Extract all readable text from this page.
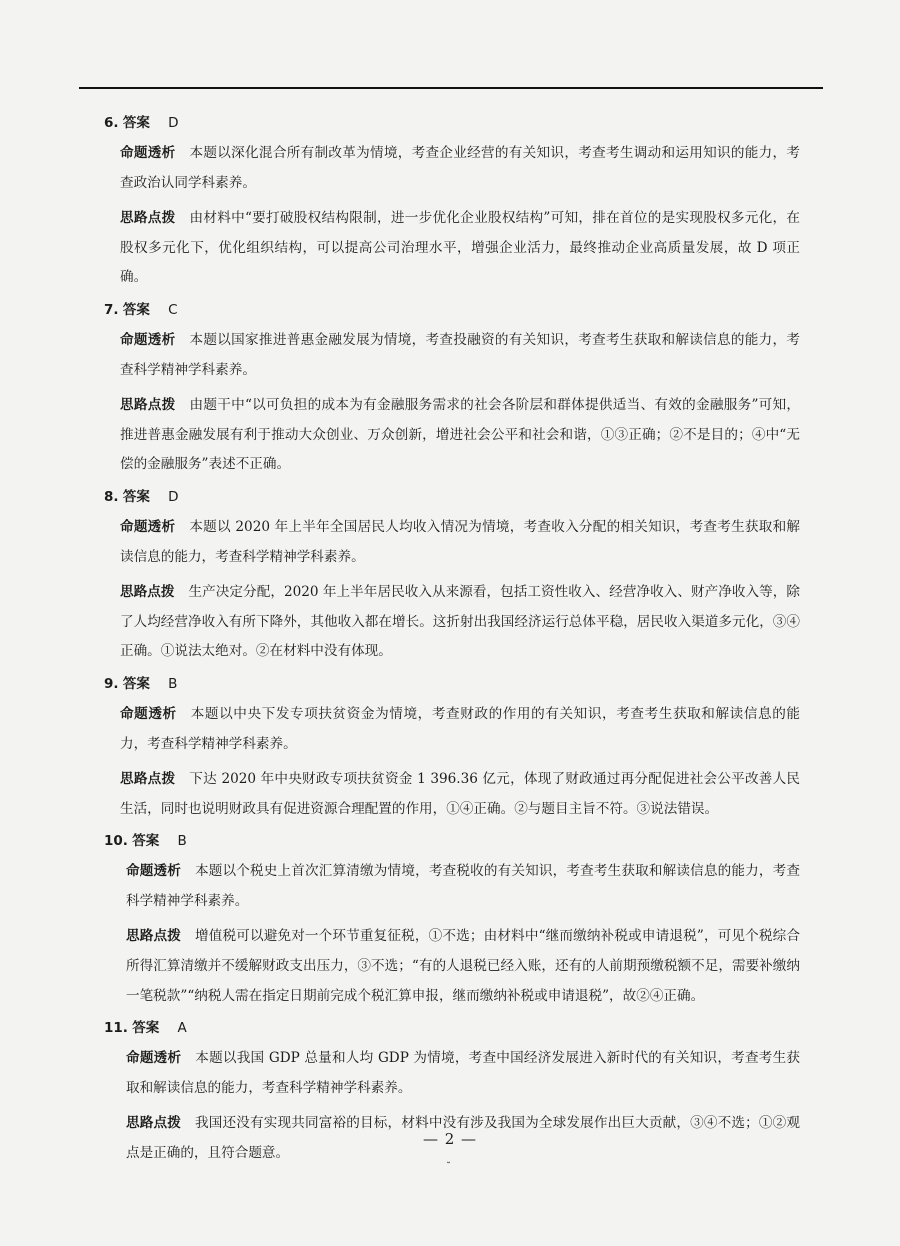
6. 答案 D

命题透析 本题以深化混合所有制改革为情境，考查企业经营的有关知识，考查考生调动和运用知识的能力，考查政治认同学科素养。

思路点拨 由材料中“要打破股权结构限制，进一步优化企业股权结构”可知，排在首位的是实现股权多元化，在股权多元化下，优化组织结构，可以提高公司治理水平，增强企业活力，最终推动企业高质量发展，故 D 项正确。

7. 答案 C

命题透析 本题以国家推进普惠金融发展为情境，考查投融资的有关知识，考查考生获取和解读信息的能力，考查科学精神学科素养。

思路点拨 由题干中“以可负担的成本为有金融服务需求的社会各阶层和群体提供适当、有效的金融服务”可知，推进普惠金融发展有利于推动大众创业、万众创新，增进社会公平和社会和谐，①③正确；②不是目的；④中“无偿的金融服务”表述不正确。

8. 答案 D

命题透析 本题以 2020 年上半年全国居民人均收入情况为情境，考查收入分配的相关知识，考查考生获取和解读信息的能力，考查科学精神学科素养。

思路点拨 生产决定分配，2020 年上半年居民收入从来源看，包括工资性收入、经营净收入、财产净收入等，除了人均经营净收入有所下降外，其他收入都在增长。这折射出我国经济运行总体平稳，居民收入渠道多元化，③④正确。①说法太绝对。②在材料中没有体现。

9. 答案 B

命题透析 本题以中央下发专项扶贫资金为情境，考查财政的作用的有关知识，考查考生获取和解读信息的能力，考查科学精神学科素养。

思路点拨 下达 2020 年中央财政专项扶贫资金 1 396.36 亿元，体现了财政通过再分配促进社会公平改善人民生活，同时也说明财政具有促进资源合理配置的作用，①④正确。②与题目主旨不符。③说法错误。

10. 答案 B

命题透析 本题以个税史上首次汇算清缴为情境，考查税收的有关知识，考查考生获取和解读信息的能力，考查科学精神学科素养。

思路点拨 增值税可以避免对一个环节重复征税，①不选；由材料中“继而缴纳补税或申请退税”，可见个税综合所得汇算清缴并不缓解财政支出压力，③不选；“有的人退税已经入账，还有的人前期预缴税额不足，需要补缴纳一笔税款”“纳税人需在指定日期前完成个税汇算申报，继而缴纳补税或申请退税”，故②④正确。

11. 答案 A

命题透析 本题以我国 GDP 总量和人均 GDP 为情境，考查中国经济发展进入新时代的有关知识，考查考生获取和解读信息的能力，考查科学精神学科素养。

思路点拨 我国还没有实现共同富裕的目标，材料中没有涉及我国为全球发展作出巨大贡献，③④不选；①②观点是正确的，且符合题意。

— 2 —
˘
